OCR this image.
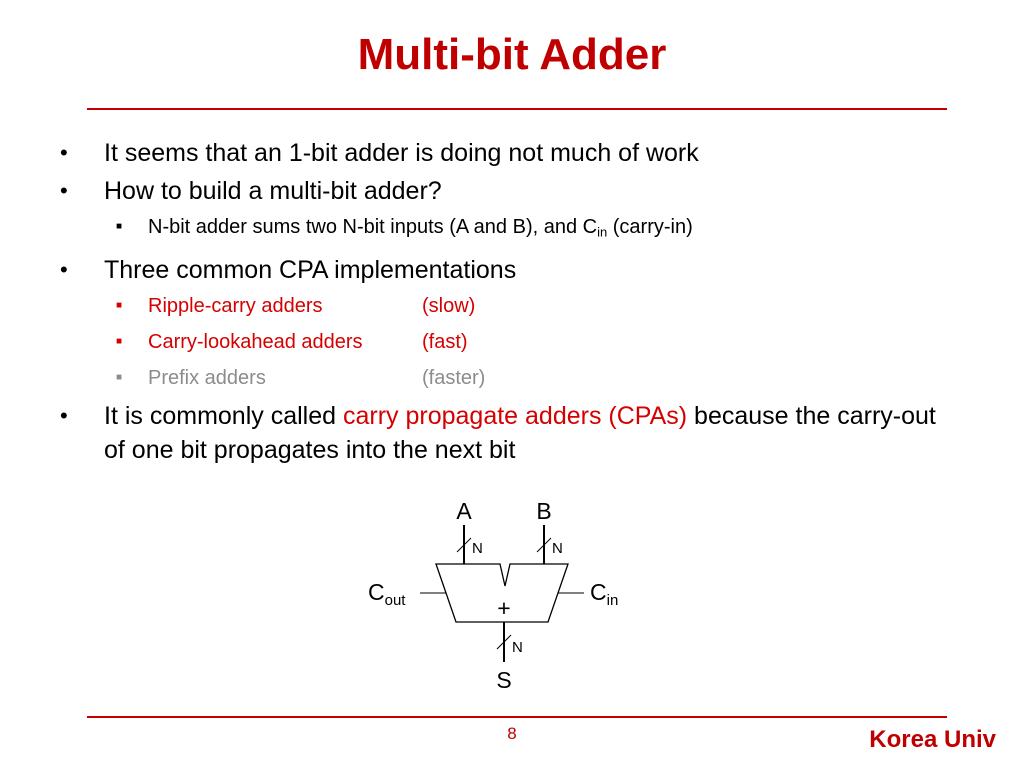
Multi-bit Adder
• It seems that an 1-bit adder is doing not much of work
• How to build a multi-bit adder?
■ N-bit adder sums two N-bit inputs (A and B), and $C_{in}$ (carry-in)
• Three common CPA implementations
■ Ripple-carry adders	(slow)
■ Carry-lookahead adders	(fast)
■ Prefix adders	(faster)
• It is commonly called carry propagate adders (CPAs) because the carry-out of one bit propagates into the next bit
A
N
B
N
+
$C_{out}$	$C_{in}$
N
S
8	Korea Univ
